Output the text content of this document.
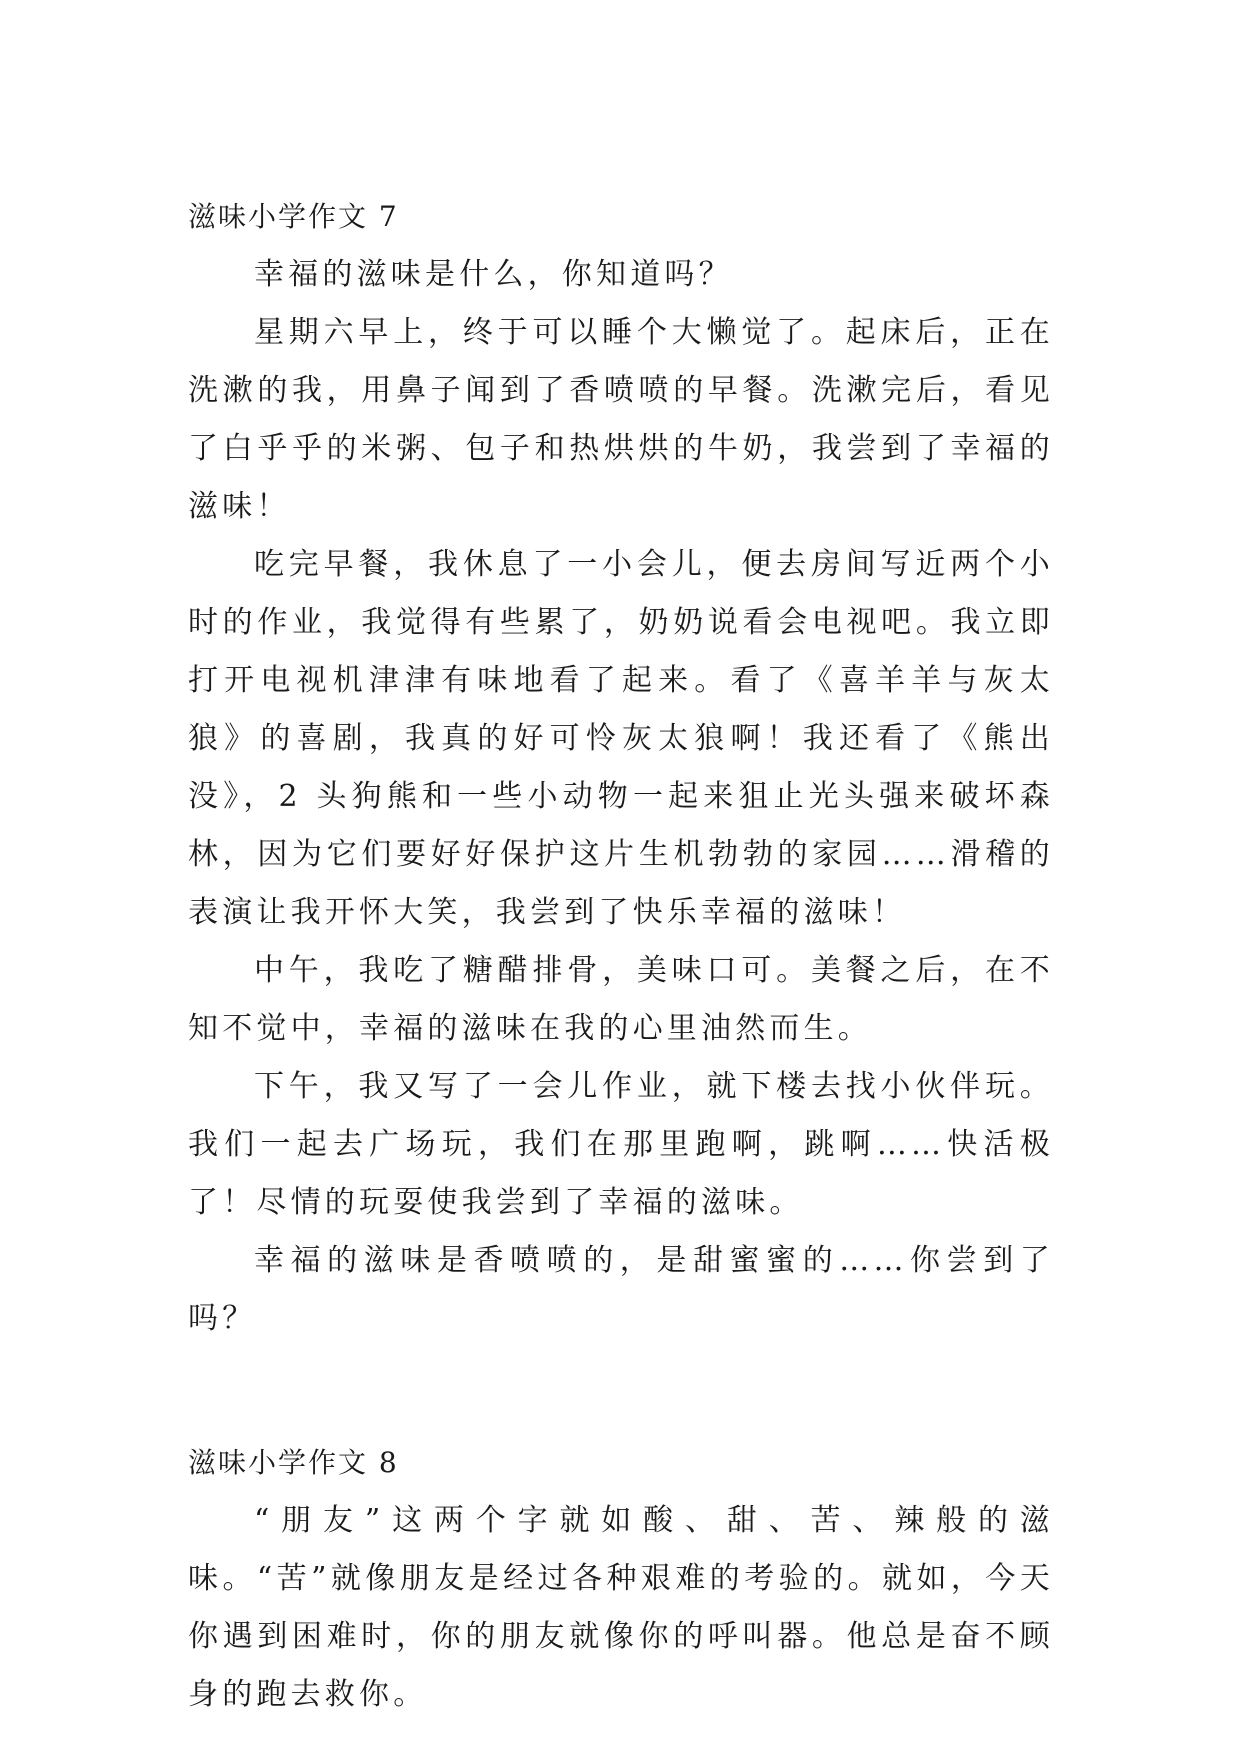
滋味小学作文 7

幸福的滋味是什么，你知道吗？

星期六早上，终于可以睡个大懒觉了。起床后，正在洗漱的我，用鼻子闻到了香喷喷的早餐。洗漱完后，看见了白乎乎的米粥、包子和热烘烘的牛奶，我尝到了幸福的滋味！

吃完早餐，我休息了一小会儿，便去房间写近两个小时的作业，我觉得有些累了，奶奶说看会电视吧。我立即打开电视机津津有味地看了起来。看了《喜羊羊与灰太狼》的喜剧，我真的好可怜灰太狼啊！我还看了《熊出没》，2 头狗熊和一些小动物一起来狙止光头强来破坏森林，因为它们要好好保护这片生机勃勃的家园……滑稽的表演让我开怀大笑，我尝到了快乐幸福的滋味！

中午，我吃了糖醋排骨，美味口可。美餐之后，在不知不觉中，幸福的滋味在我的心里油然而生。

下午，我又写了一会儿作业，就下楼去找小伙伴玩。我们一起去广场玩，我们在那里跑啊，跳啊……快活极了！尽情的玩耍使我尝到了幸福的滋味。

幸福的滋味是香喷喷的，是甜蜜蜜的……你尝到了吗？

滋味小学作文 8

“朋友”这两个字就如酸、甜、苦、辣般的滋味。“苦”就像朋友是经过各种艰难的考验的。就如，今天你遇到困难时，你的朋友就像你的呼叫器。他总是奋不顾身的跑去救你。
